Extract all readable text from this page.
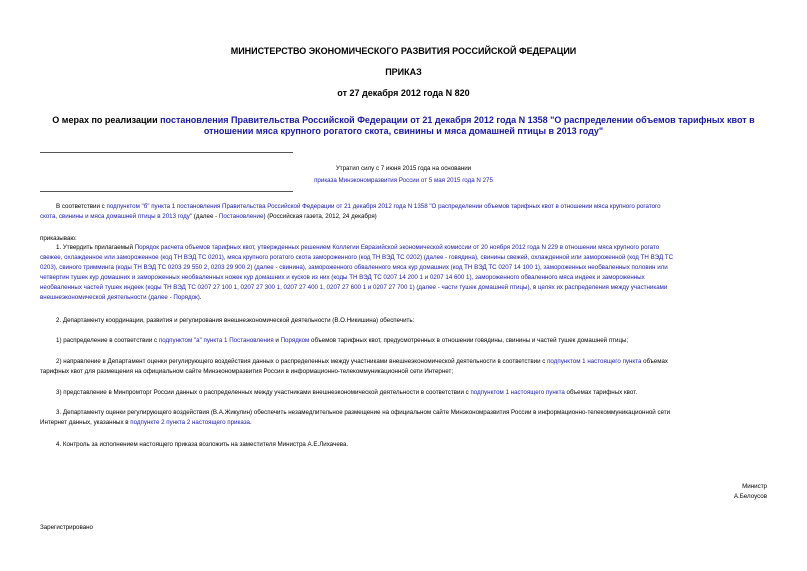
МИНИСТЕРСТВО ЭКОНОМИЧЕСКОГО РАЗВИТИЯ РОССИЙСКОЙ ФЕДЕРАЦИИ
ПРИКАЗ
от 27 декабря 2012 года N 820
О мерах по реализации постановления Правительства Российской Федерации от 21 декабря 2012 года N 1358 "О распределении объемов тарифных квот в
отношении мяса крупного рогатого скота, свинины и мяса домашней птицы в 2013 году"
Утратил силу с 7 июня 2015 года на основании
приказа Минэкономразвития России от 5 мая 2015 года N 275
В соответствии с подпунктом "б" пункта 1 постановления Правительства Российской Федерации от 21 декабря 2012 года N 1358 "О распределении объемов тарифных квот в отношении мяса крупного рогатого
скота, свинины и мяса домашней птицы в 2013 году" (далее - Постановление) (Российская газета, 2012, 24 декабря)
приказываю:
1. Утвердить прилагаемый Порядок расчета объемов тарифных квот, утвержденных решением Коллегии Евразийской экономической комиссии от 20 ноября 2012 года N 229 в отношении мяса крупного рогато
свежее, охлажденное или замороженное (код ТН ВЭД ТС 0201), мяса крупного рогатого скота замороженного (код ТН ВЭД ТС 0202) (далее - говядина), свинины свежей, охлажденной или замороженной (код ТН ВЭД ТС
0203), свиного тримминга (коды ТН ВЭД ТС 0203 29 550 2, 0203 29 900 2) (далее - свинина), замороженного обваленного мяса кур домашних (код ТН ВЭД ТС 0207 14 100 1), замороженных необваленных половин или
четвертин тушек кур домашних и замороженных необваленных ножек кур домашних и кусков из них (коды ТН ВЭД ТС 0207 14 200 1 и 0207 14 600 1), замороженного обваленного мяса индеек и замороженных
необваленных частей тушек индеек (коды ТН ВЭД ТС 0207 27 100 1, 0207 27 300 1, 0207 27 400 1, 0207 27 600 1 и 0207 27 700 1) (далее - части тушек домашней птицы), в целях их распределения между участниками
внешнеэкономической деятельности (далее - Порядок).
2. Департаменту координации, развития и регулирования внешнеэкономической деятельности (В.О.Никишина) обеспечить:
1) распределение в соответствии с подпунктом "а" пункта 1 Постановления и Порядком объемов тарифных квот, предусмотренных в отношении говядины, свинины и частей тушек домашней птицы;
2) направление в Департамент оценки регулирующего воздействия данных о распределенных между участниками внешнеэкономической деятельности в соответствии с подпунктом 1 настоящего пункта объемах
тарифных квот для размещения на официальном сайте Минэкономразвития России в информационно-телекоммуникационной сети Интернет;
3) представление в Минпромторг России данных о распределенных между участниками внешнеэкономической деятельности в соответствии с подпунктом 1 настоящего пункта объемах тарифных квот.
3. Департаменту оценки регулирующего воздействия (В.А.Жикулин) обеспечить незамедлительное размещение на официальном сайте Минэкономразвития России в информационно-телекоммуникационной сети
Интернет данных, указанных в подпункте 2 пункта 2 настоящего приказа.
4. Контроль за исполнением настоящего приказа возложить на заместителя Министра А.Е.Лихачева.
Министр
А.Белоусов
Зарегистрировано
